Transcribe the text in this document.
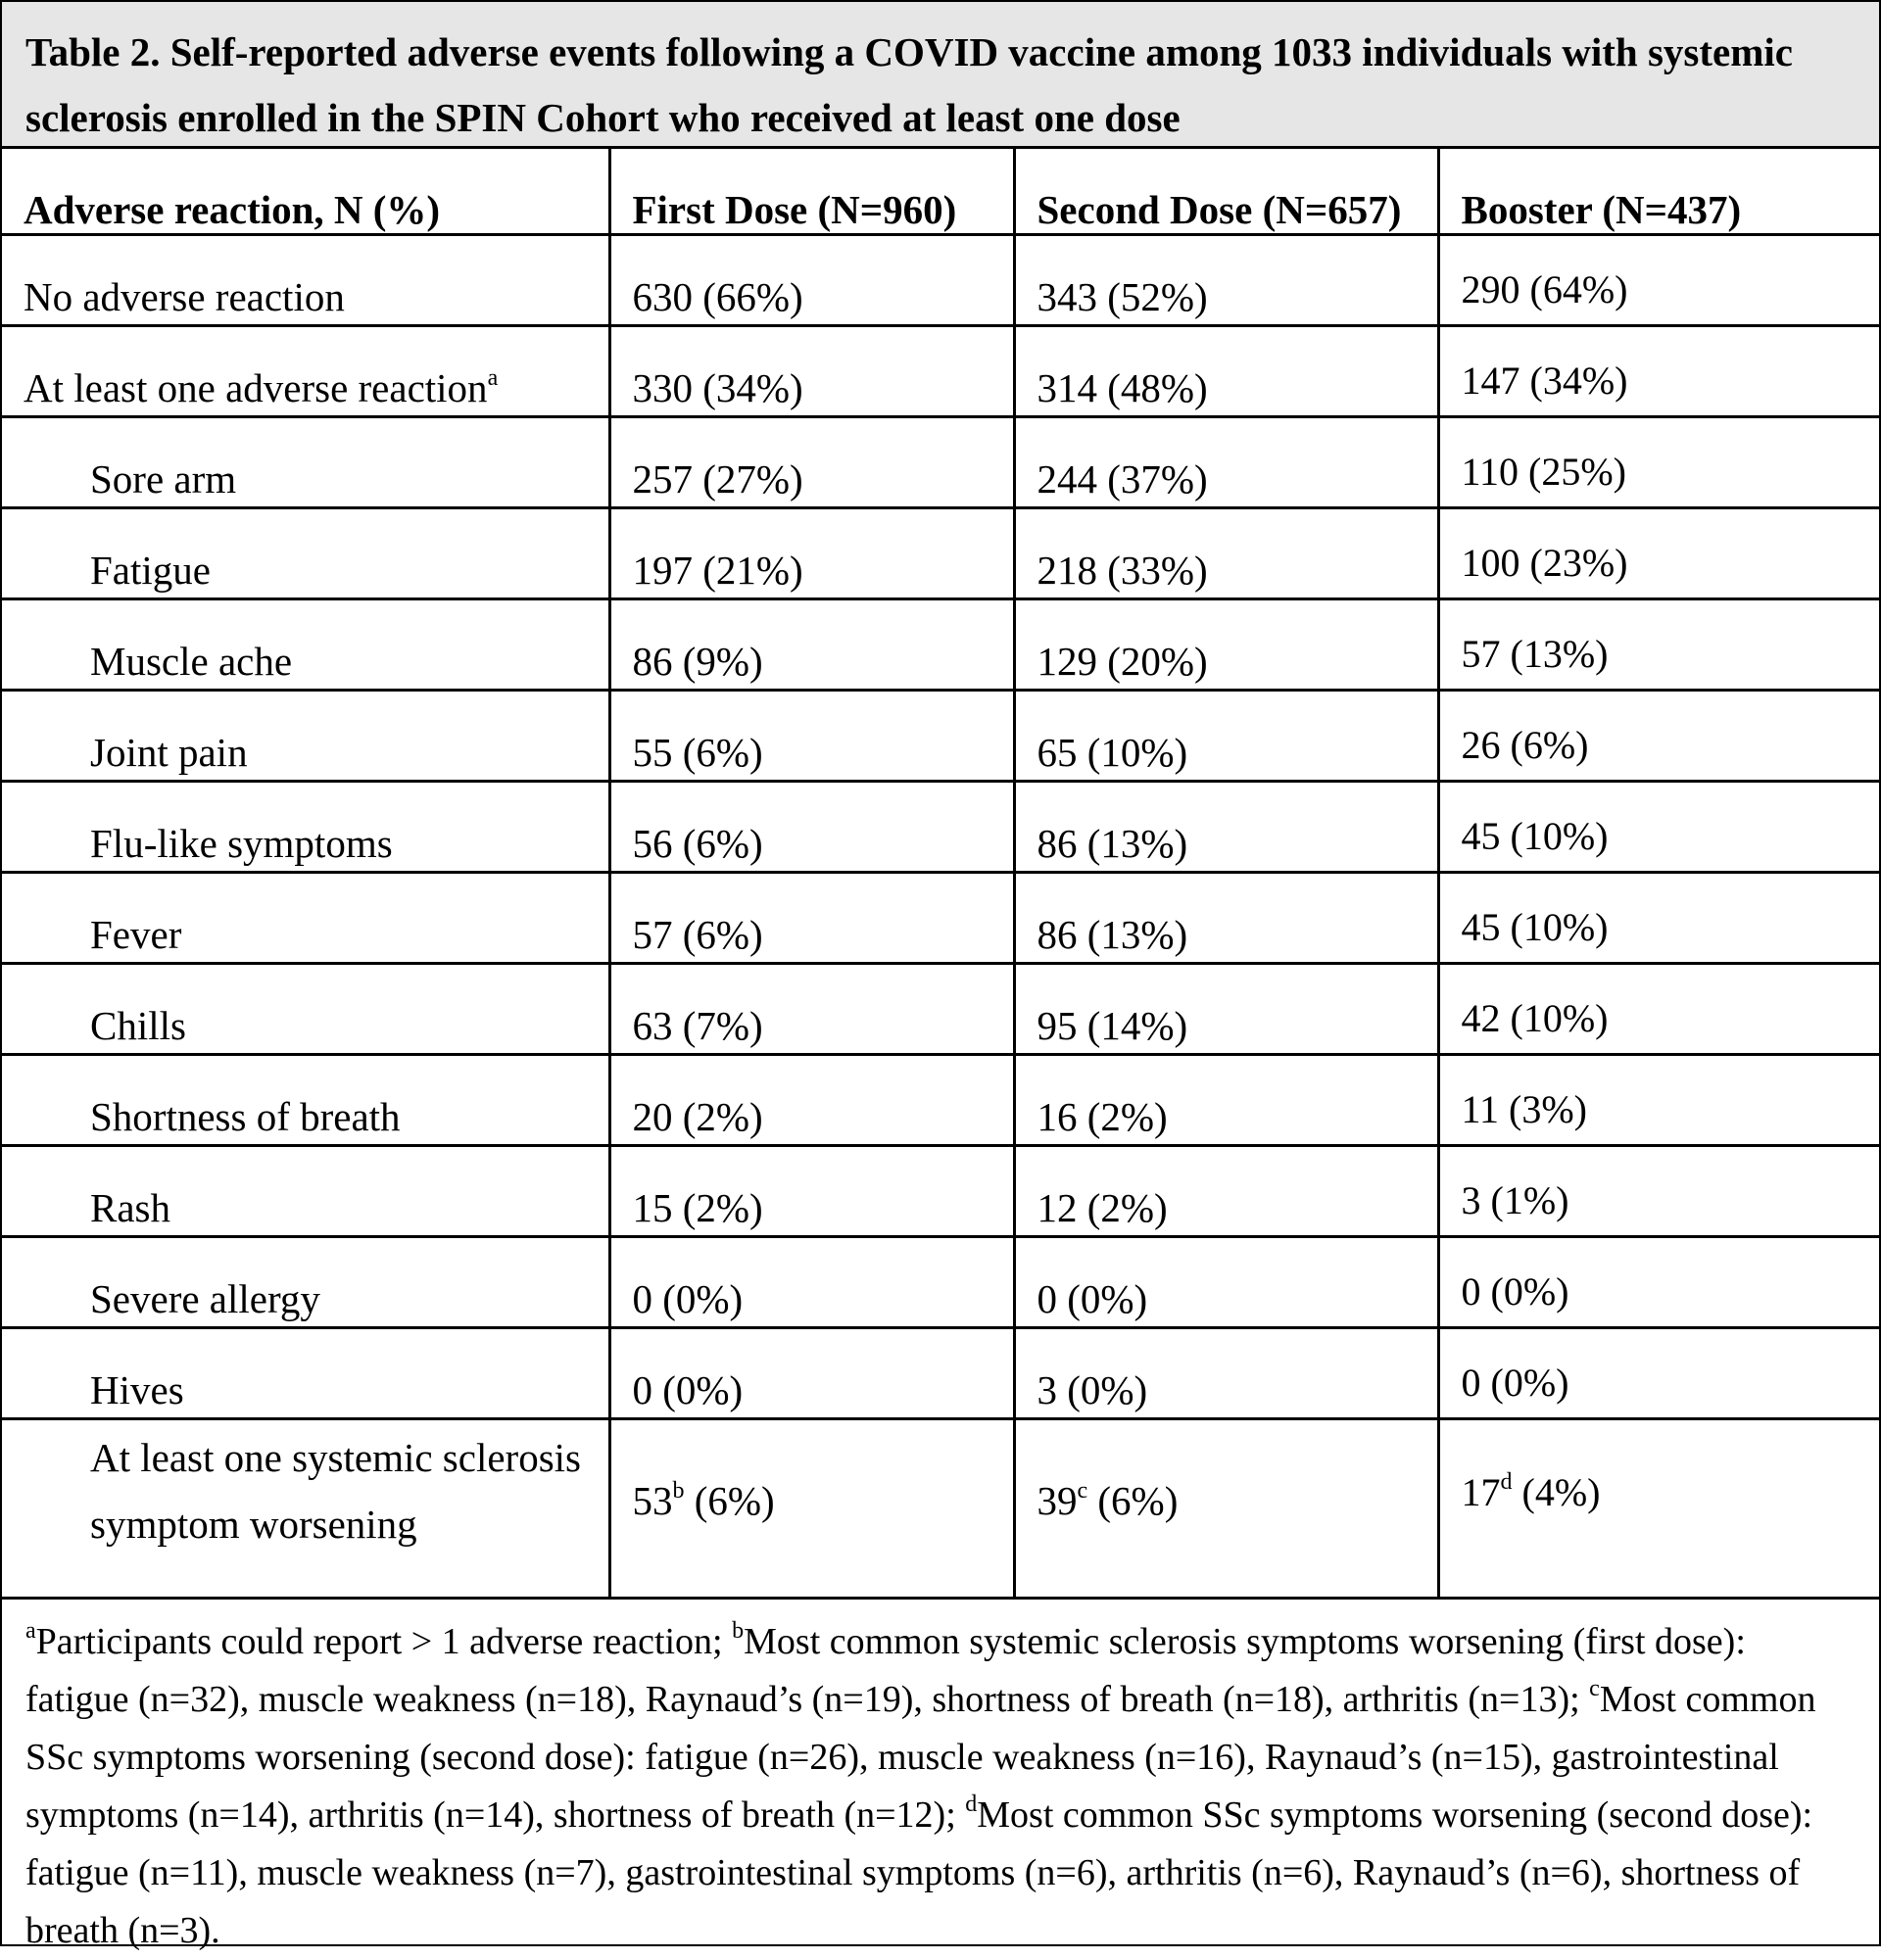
Table 2. Self-reported adverse events following a COVID vaccine among 1033 individuals with systemic sclerosis enrolled in the SPIN Cohort who received at least one dose
Adverse reaction, N (%)	First Dose (N=960)	Second Dose (N=657)	Booster (N=437)
No adverse reaction	630 (66%)	343 (52%)	290 (64%)
At least one adverse reaction$^a$	330 (34%)	314 (48%)	147 (34%)
Sore arm	257 (27%)	244 (37%)	110 (25%)
Fatigue	197 (21%)	218 (33%)	100 (23%)
Muscle ache	86 (9%)	129 (20%)	57 (13%)
Joint pain	55 (6%)	65 (10%)	26 (6%)
Flu-like symptoms	56 (6%)	86 (13%)	45 (10%)
Fever	57 (6%)	86 (13%)	45 (10%)
Chills	63 (7%)	95 (14%)	42 (10%)
Shortness of breath	20 (2%)	16 (2%)	11 (3%)
Rash	15 (2%)	12 (2%)	3 (1%)
Severe allergy	0 (0%)	0 (0%)	0 (0%)
Hives	0 (0%)	3 (0%)	0 (0%)
At least one systemic sclerosis symptom worsening	53$^b$ (6%)	39$^c$ (6%)	17$^d$ (4%)
$^a$Participants could report > 1 adverse reaction; $^b$Most common systemic sclerosis symptoms worsening (first dose): fatigue (n=32), muscle weakness (n=18), Raynaud’s (n=19), shortness of breath (n=18), arthritis (n=13); $^c$Most common SSc symptoms worsening (second dose): fatigue (n=26), muscle weakness (n=16), Raynaud’s (n=15), gastrointestinal symptoms (n=14), arthritis (n=14), shortness of breath (n=12); $^d$Most common SSc symptoms worsening (second dose): fatigue (n=11), muscle weakness (n=7), gastrointestinal symptoms (n=6), arthritis (n=6), Raynaud’s (n=6), shortness of breath (n=3).
